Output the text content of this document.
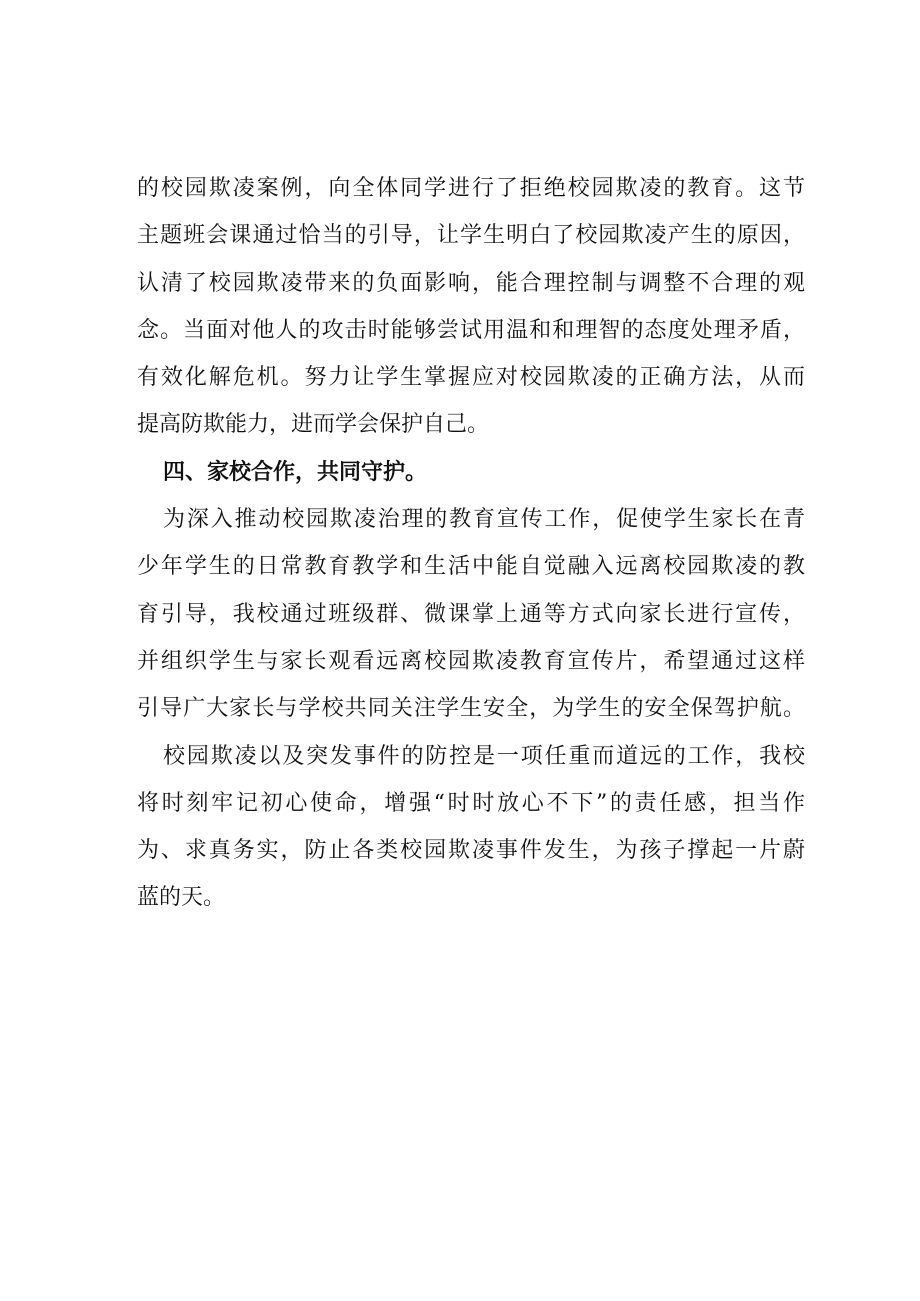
的校园欺凌案例，向全体同学进行了拒绝校园欺凌的教育。这节
主题班会课通过恰当的引导，让学生明白了校园欺凌产生的原因，
认清了校园欺凌带来的负面影响，能合理控制与调整不合理的观
念。当面对他人的攻击时能够尝试用温和和理智的态度处理矛盾，
有效化解危机。努力让学生掌握应对校园欺凌的正确方法，从而
提高防欺能力，进而学会保护自己。
四、家校合作，共同守护。
为深入推动校园欺凌治理的教育宣传工作，促使学生家长在青
少年学生的日常教育教学和生活中能自觉融入远离校园欺凌的教
育引导，我校通过班级群、微课掌上通等方式向家长进行宣传，
并组织学生与家长观看远离校园欺凌教育宣传片，希望通过这样
引导广大家长与学校共同关注学生安全，为学生的安全保驾护航。
校园欺凌以及突发事件的防控是一项任重而道远的工作，我校
将时刻牢记初心使命，增强“时时放心不下”的责任感，担当作
为、求真务实，防止各类校园欺凌事件发生，为孩子撑起一片蔚
蓝的天。
